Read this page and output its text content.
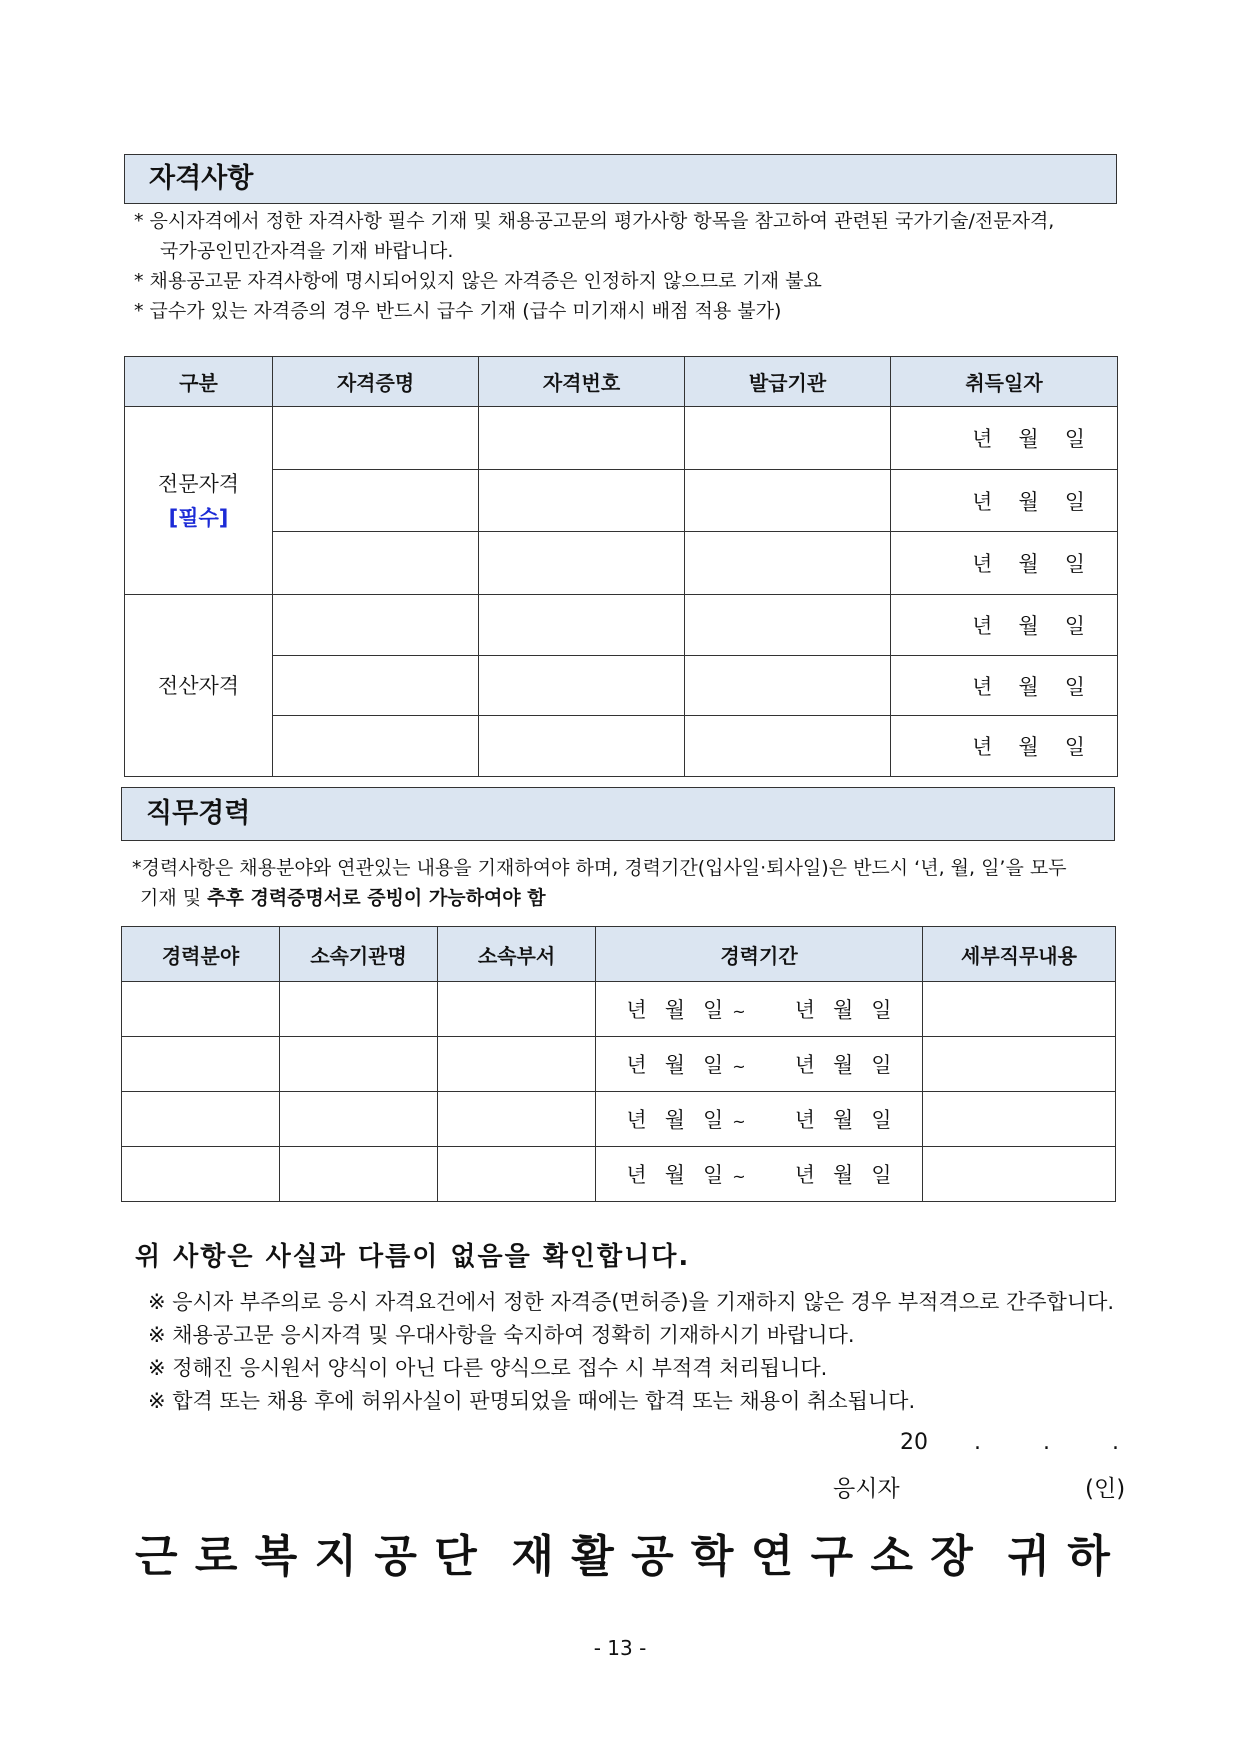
자격사항

* 응시자격에서 정한 자격사항 필수 기재 및 채용공고문의 평가사항 항목을 참고하여 관련된 국가기술/전문자격,

국가공인민간자격을 기재 바랍니다.

* 채용공고문 자격사항에 명시되어있지 않은 자격증은 인정하지 않으므로 기재 불요

* 급수가 있는 자격증의 경우 반드시 급수 기재 (급수 미기재시 배점 적용 불가)

구분	자격증명	자격번호	발급기관	취득일자

전문자격
[필수]				년 월 일
				년 월 일
				년 월 일

전산자격				년 월 일
				년 월 일
				년 월 일
직무경력

*경력사항은 채용분야와 연관있는 내용을 기재하여야 하며, 경력기간(입사일·퇴사일)은 반드시 ‘년, 월, 일’을 모두

기재 및 추후 경력증명서로 증빙이 가능하여야 함

경력분야	소속기관명	소속부서	경력기간	세부직무내용
			년 월 일 ~ 년 월 일	
			년 월 일 ~ 년 월 일	
			년 월 일 ~ 년 월 일	
			년 월 일 ~ 년 월 일	
위 사항은 사실과 다름이 없음을 확인합니다.

※ 응시자 부주의로 응시 자격요건에서 정한 자격증(면허증)을 기재하지 않은 경우 부적격으로 간주합니다.

※ 채용공고문 응시자격 및 우대사항을 숙지하여 정확히 기재하시기 바랍니다.

※ 정해진 응시원서 양식이 아닌 다른 양식으로 접수 시 부적격 처리됩니다.

※ 합격 또는 채용 후에 허위사실이 판명되었을 때에는 합격 또는 채용이 취소됩니다.

20 .	.	.
응시자	(인)
근 로 복 지 공 단 재 활 공 학 연 구 소 장 귀 하
- 13 -
